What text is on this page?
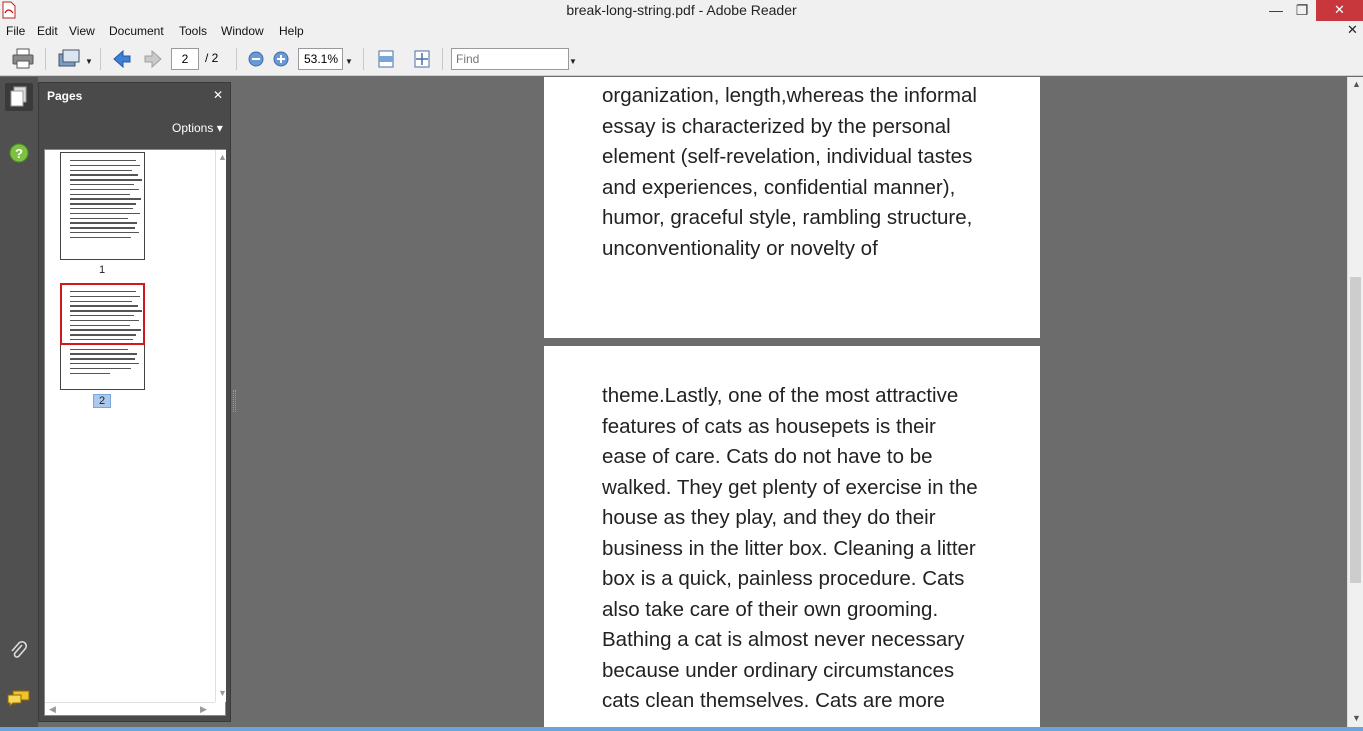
break-long-string.pdf - Adobe Reader	— ❐	✕
File Edit View Document Tools Window Help	✕
▼	2	/ 2	53.1% ▼	Find	▼
?
Pages	✕
Options ▾
1
2
▲
▼
◀	▶
organization, length,whereas the informal
essay is characterized by the personal
element (self-revelation, individual tastes
and experiences, confidential manner),
humor, graceful style, rambling structure,
unconventionality or novelty of
theme.Lastly, one of the most attractive
features of cats as housepets is their
ease of care. Cats do not have to be
walked. They get plenty of exercise in the
house as they play, and they do their
business in the litter box. Cleaning a litter
box is a quick, painless procedure. Cats
also take care of their own grooming.
Bathing a cat is almost never necessary
because under ordinary circumstances
cats clean themselves. Cats are more
▲
▼
